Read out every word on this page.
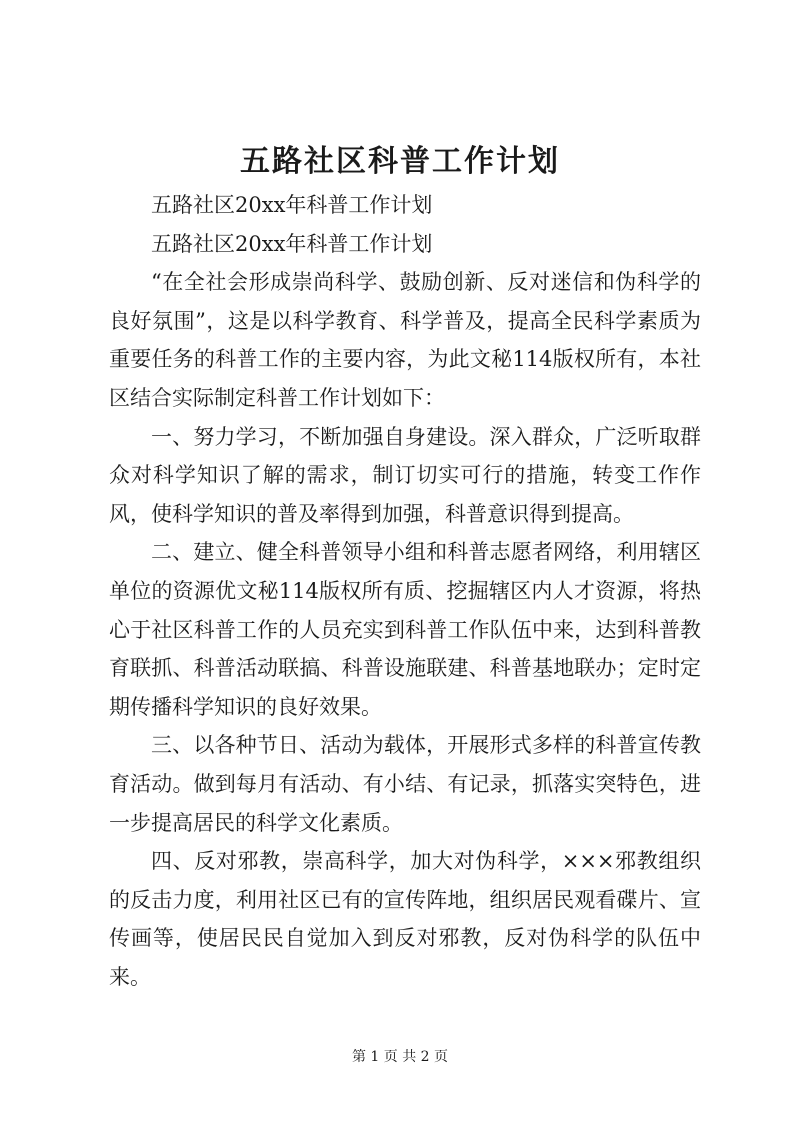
五路社区科普工作计划

五路社区20xx年科普工作计划

五路社区20xx年科普工作计划

“在全社会形成崇尚科学、鼓励创新、反对迷信和伪科学的良好氛围”，这是以科学教育、科学普及，提高全民科学素质为重要任务的科普工作的主要内容，为此文秘114版权所有，本社区结合实际制定科普工作计划如下：

一、努力学习，不断加强自身建设。深入群众，广泛听取群众对科学知识了解的需求，制订切实可行的措施，转变工作作风，使科学知识的普及率得到加强，科普意识得到提高。

二、建立、健全科普领导小组和科普志愿者网络，利用辖区单位的资源优文秘114版权所有质、挖掘辖区内人才资源，将热心于社区科普工作的人员充实到科普工作队伍中来，达到科普教育联抓、科普活动联搞、科普设施联建、科普基地联办；定时定期传播科学知识的良好效果。

三、以各种节日、活动为载体，开展形式多样的科普宣传教育活动。做到每月有活动、有小结、有记录，抓落实突特色，进一步提高居民的科学文化素质。

四、反对邪教，崇高科学，加大对伪科学，×××邪教组织的反击力度，利用社区已有的宣传阵地，组织居民观看碟片、宣传画等，使居民民自觉加入到反对邪教，反对伪科学的队伍中来。

第 1 页 共 2 页
